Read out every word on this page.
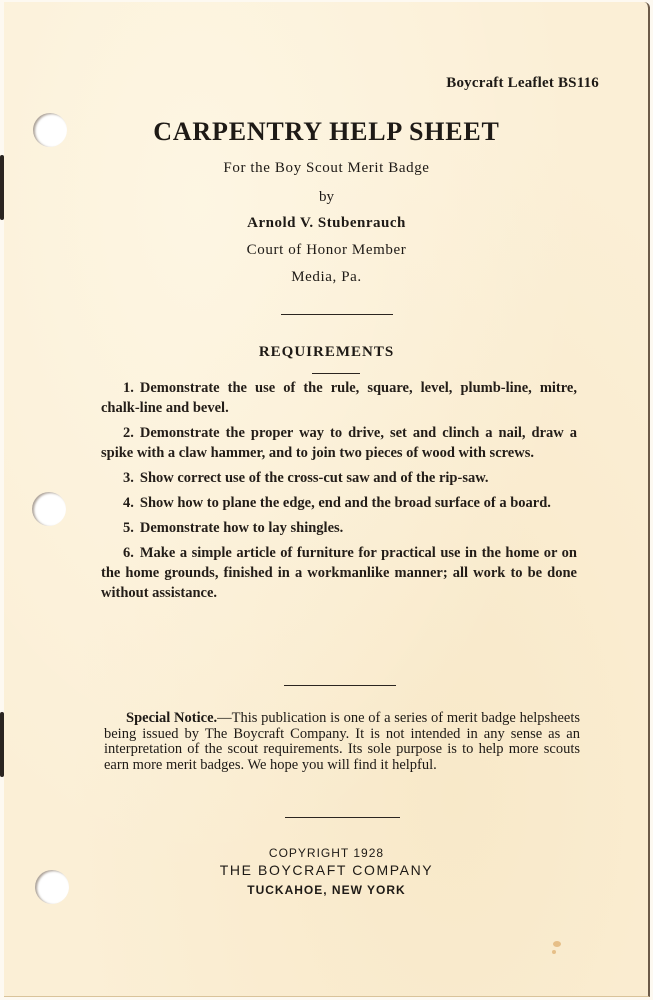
Boycraft Leaflet BS116
CARPENTRY HELP SHEET
For the Boy Scout Merit Badge
by
Arnold V. Stubenrauch
Court of Honor Member
Media, Pa.
REQUIREMENTS
1. Demonstrate the use of the rule, square, level, plumb-line, mitre, chalk-line and bevel.
2. Demonstrate the proper way to drive, set and clinch a nail, draw a spike with a claw hammer, and to join two pieces of wood with screws.
3. Show correct use of the cross-cut saw and of the rip-saw.
4. Show how to plane the edge, end and the broad surface of a board.
5. Demonstrate how to lay shingles.
6. Make a simple article of furniture for practical use in the home or on the home grounds, finished in a workmanlike manner; all work to be done without assistance.
Special Notice.—This publication is one of a series of merit badge helpsheets being issued by The Boycraft Company. It is not intended in any sense as an interpretation of the scout requirements. Its sole purpose is to help more scouts earn more merit badges. We hope you will find it helpful.
COPYRIGHT 1928
THE BOYCRAFT COMPANY
TUCKAHOE, NEW YORK
